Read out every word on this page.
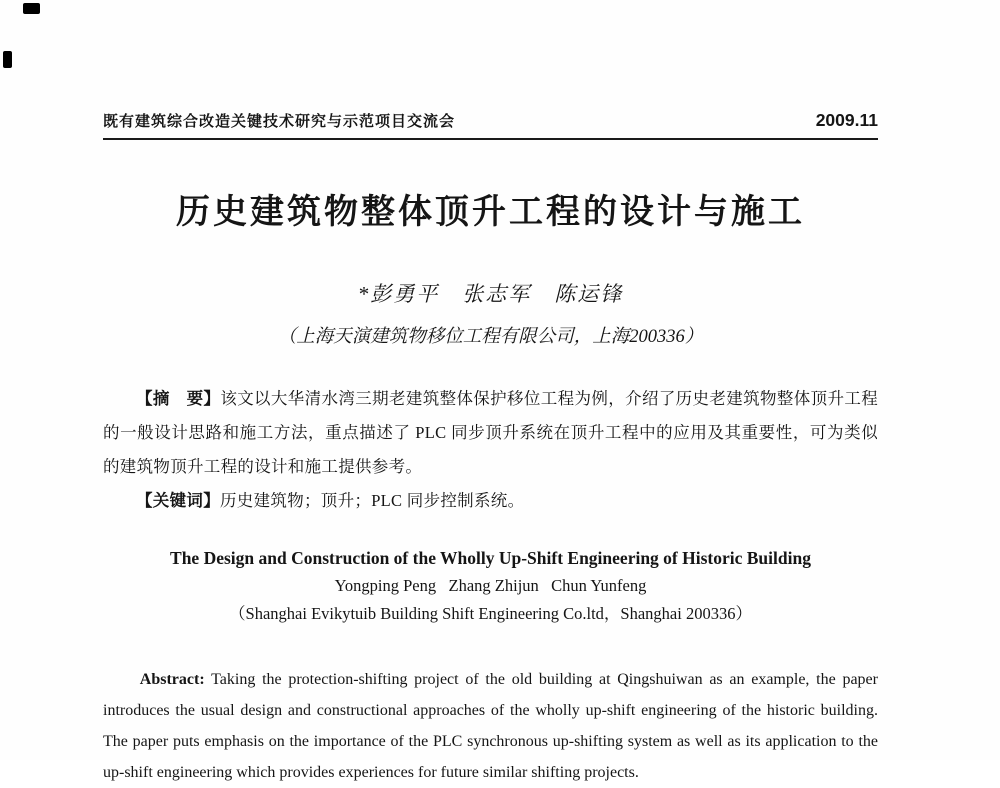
既有建筑综合改造关键技术研究与示范项目交流会	2009.11
历史建筑物整体顶升工程的设计与施工
*彭勇平　张志军　陈运锋
（上海天演建筑物移位工程有限公司，上海200336）

【摘　要】该文以大华清水湾三期老建筑整体保护移位工程为例，介绍了历史老建筑物整体顶升工程的一般设计思路和施工方法，重点描述了 PLC 同步顶升系统在顶升工程中的应用及其重要性，可为类似的建筑物顶升工程的设计和施工提供参考。

【关键词】历史建筑物；顶升；PLC 同步控制系统。

The Design and Construction of the Wholly Up-Shift Engineering of Historic Building
Yongping Peng   Zhang Zhijun   Chun Yunfeng
（Shanghai Evikytuib Building Shift Engineering Co.ltd，Shanghai 200336）

Abstract: Taking the protection-shifting project of the old building at Qingshuiwan as an example, the paper introduces the usual design and constructional approaches of the wholly up-shift engineering of the historic building. The paper puts emphasis on the importance of the PLC synchronous up-shifting system as well as its application to the up-shift engineering which provides experiences for future similar shifting projects.
